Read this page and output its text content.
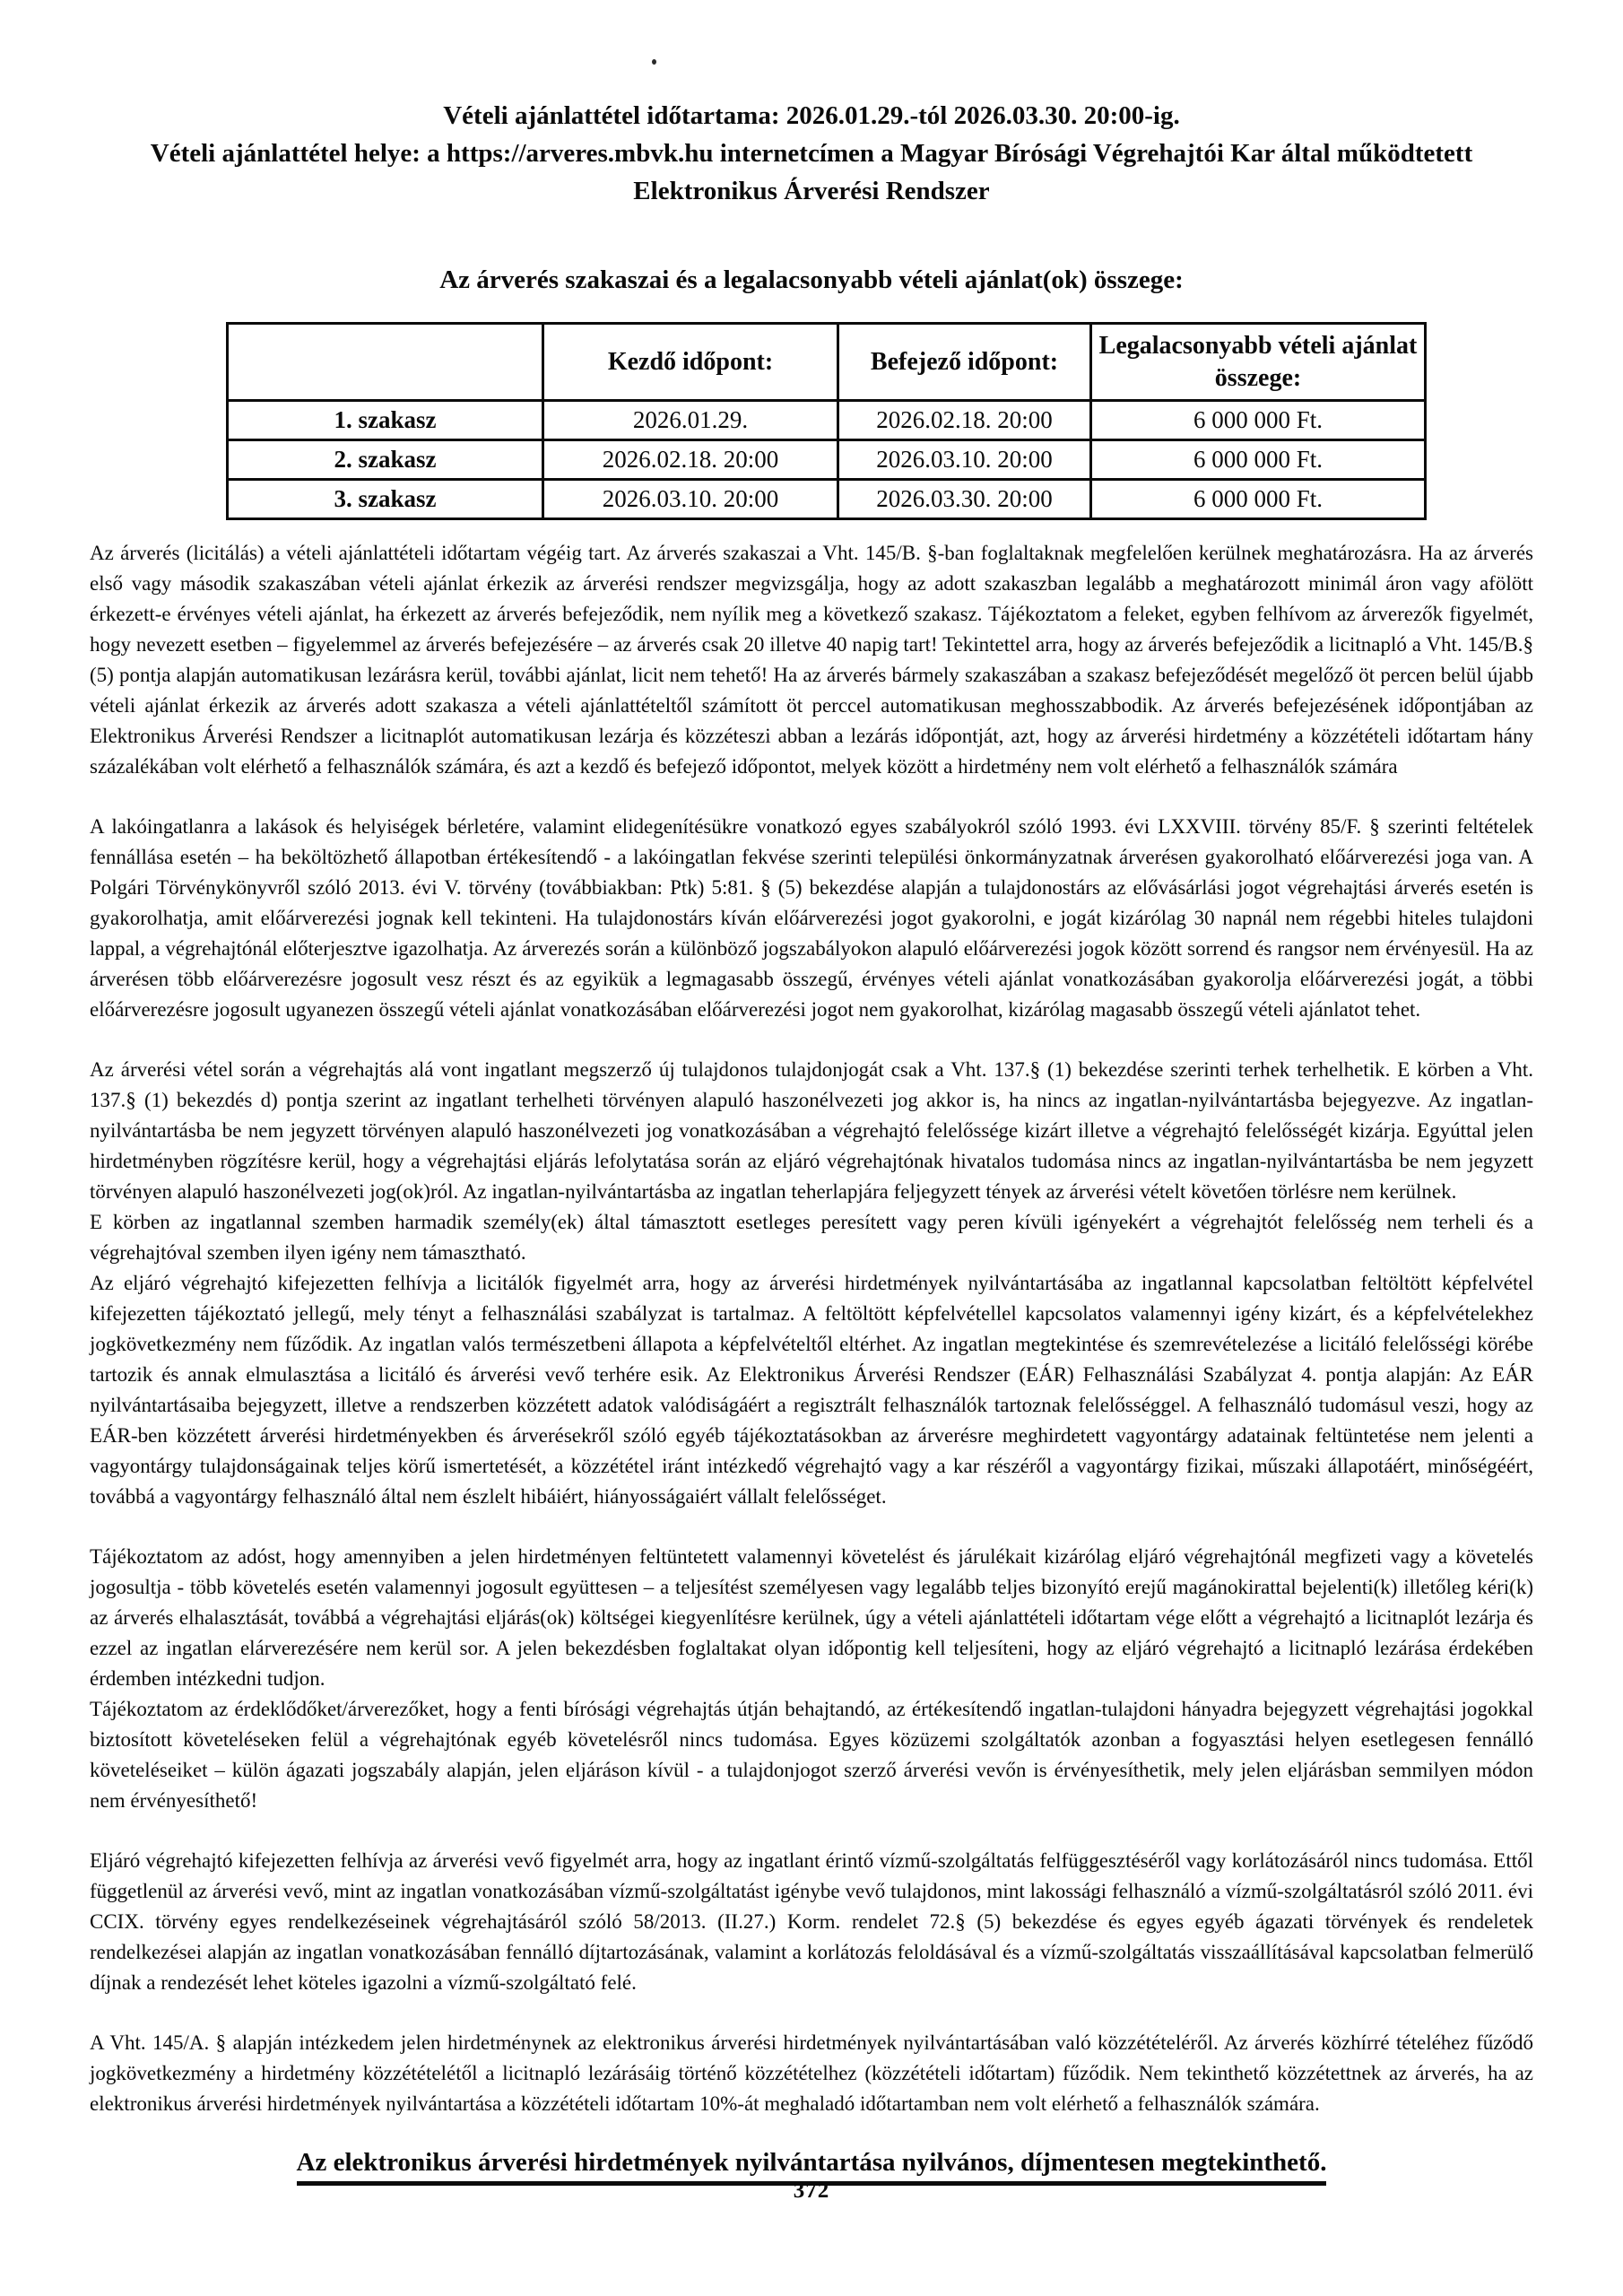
Vételi ajánlattétel időtartama: 2026.01.29.-tól 2026.03.30. 20:00-ig.
Vételi ajánlattétel helye: a https://arveres.mbvk.hu internetcímen a Magyar Bírósági Végrehajtói Kar által működtetett Elektronikus Árverési Rendszer
Az árverés szakaszai és a legalacsonyabb vételi ajánlat(ok) összege:
	Kezdő időpont:	Befejező időpont:	Legalacsonyabb vételi ajánlat összege:
1. szakasz	2026.01.29.	2026.02.18. 20:00	6 000 000 Ft.
2. szakasz	2026.02.18. 20:00	2026.03.10. 20:00	6 000 000 Ft.
3. szakasz	2026.03.10. 20:00	2026.03.30. 20:00	6 000 000 Ft.

Az árverés (licitálás) a vételi ajánlattételi időtartam végéig tart. Az árverés szakaszai a Vht. 145/B. §-ban foglaltaknak megfelelően kerülnek meghatározásra. Ha az árverés első vagy második szakaszában vételi ajánlat érkezik az árverési rendszer megvizsgálja, hogy az adott szakaszban legalább a meghatározott minimál áron vagy afölött érkezett-e érvényes vételi ajánlat, ha érkezett az árverés befejeződik, nem nyílik meg a következő szakasz. Tájékoztatom a feleket, egyben felhívom az árverezők figyelmét, hogy nevezett esetben – figyelemmel az árverés befejezésére – az árverés csak 20 illetve 40 napig tart! Tekintettel arra, hogy az árverés befejeződik a licitnapló a Vht. 145/B.§ (5) pontja alapján automatikusan lezárásra kerül, további ajánlat, licit nem tehető! Ha az árverés bármely szakaszában a szakasz befejeződését megelőző öt percen belül újabb vételi ajánlat érkezik az árverés adott szakasza a vételi ajánlattételtől számított öt perccel automatikusan meghosszabbodik. Az árverés befejezésének időpontjában az Elektronikus Árverési Rendszer a licitnaplót automatikusan lezárja és közzéteszi abban a lezárás időpontját, azt, hogy az árverési hirdetmény a közzétételi időtartam hány százalékában volt elérhető a felhasználók számára, és azt a kezdő és befejező időpontot, melyek között a hirdetmény nem volt elérhető a felhasználók számára

A lakóingatlanra a lakások és helyiségek bérletére, valamint elidegenítésükre vonatkozó egyes szabályokról szóló 1993. évi LXXVIII. törvény 85/F. § szerinti feltételek fennállása esetén – ha beköltözhető állapotban értékesítendő - a lakóingatlan fekvése szerinti települési önkormányzatnak árverésen gyakorolható előárverezési joga van. A Polgári Törvénykönyvről szóló 2013. évi V. törvény (továbbiakban: Ptk) 5:81. § (5) bekezdése alapján a tulajdonostárs az elővásárlási jogot végrehajtási árverés esetén is gyakorolhatja, amit előárverezési jognak kell tekinteni. Ha tulajdonostárs kíván előárverezési jogot gyakorolni, e jogát kizárólag 30 napnál nem régebbi hiteles tulajdoni lappal, a végrehajtónál előterjesztve igazolhatja. Az árverezés során a különböző jogszabályokon alapuló előárverezési jogok között sorrend és rangsor nem érvényesül. Ha az árverésen több előárverezésre jogosult vesz részt és az egyikük a legmagasabb összegű, érvényes vételi ajánlat vonatkozásában gyakorolja előárverezési jogát, a többi előárverezésre jogosult ugyanezen összegű vételi ajánlat vonatkozásában előárverezési jogot nem gyakorolhat, kizárólag magasabb összegű vételi ajánlatot tehet.

Az árverési vétel során a végrehajtás alá vont ingatlant megszerző új tulajdonos tulajdonjogát csak a Vht. 137.§ (1) bekezdése szerinti terhek terhelhetik. E körben a Vht. 137.§ (1) bekezdés d) pontja szerint az ingatlant terhelheti törvényen alapuló haszonélvezeti jog akkor is, ha nincs az ingatlan-nyilvántartásba bejegyezve. Az ingatlan-nyilvántartásba be nem jegyzett törvényen alapuló haszonélvezeti jog vonatkozásában a végrehajtó felelőssége kizárt illetve a végrehajtó felelősségét kizárja. Egyúttal jelen hirdetményben rögzítésre kerül, hogy a végrehajtási eljárás lefolytatása során az eljáró végrehajtónak hivatalos tudomása nincs az ingatlan-nyilvántartásba be nem jegyzett törvényen alapuló haszonélvezeti jog(ok)ról. Az ingatlan-nyilvántartásba az ingatlan teherlapjára feljegyzett tények az árverési vételt követően törlésre nem kerülnek.

E körben az ingatlannal szemben harmadik személy(ek) által támasztott esetleges peresített vagy peren kívüli igényekért a végrehajtót felelősség nem terheli és a végrehajtóval szemben ilyen igény nem támasztható.

Az eljáró végrehajtó kifejezetten felhívja a licitálók figyelmét arra, hogy az árverési hirdetmények nyilvántartásába az ingatlannal kapcsolatban feltöltött képfelvétel kifejezetten tájékoztató jellegű, mely tényt a felhasználási szabályzat is tartalmaz. A feltöltött képfelvétellel kapcsolatos valamennyi igény kizárt, és a képfelvételekhez jogkövetkezmény nem fűződik. Az ingatlan valós természetbeni állapota a képfelvételtől eltérhet. Az ingatlan megtekintése és szemrevételezése a licitáló felelősségi körébe tartozik és annak elmulasztása a licitáló és árverési vevő terhére esik. Az Elektronikus Árverési Rendszer (EÁR) Felhasználási Szabályzat 4. pontja alapján: Az EÁR nyilvántartásaiba bejegyzett, illetve a rendszerben közzétett adatok valódiságáért a regisztrált felhasználók tartoznak felelősséggel. A felhasználó tudomásul veszi, hogy az EÁR-ben közzétett árverési hirdetményekben és árverésekről szóló egyéb tájékoztatásokban az árverésre meghirdetett vagyontárgy adatainak feltüntetése nem jelenti a vagyontárgy tulajdonságainak teljes körű ismertetését, a közzététel iránt intézkedő végrehajtó vagy a kar részéről a vagyontárgy fizikai, műszaki állapotáért, minőségéért, továbbá a vagyontárgy felhasználó által nem észlelt hibáiért, hiányosságaiért vállalt felelősséget.

Tájékoztatom az adóst, hogy amennyiben a jelen hirdetményen feltüntetett valamennyi követelést és járulékait kizárólag eljáró végrehajtónál megfizeti vagy a követelés jogosultja - több követelés esetén valamennyi jogosult együttesen – a teljesítést személyesen vagy legalább teljes bizonyító erejű magánokirattal bejelenti(k) illetőleg kéri(k) az árverés elhalasztását, továbbá a végrehajtási eljárás(ok) költségei kiegyenlítésre kerülnek, úgy a vételi ajánlattételi időtartam vége előtt a végrehajtó a licitnaplót lezárja és ezzel az ingatlan elárverezésére nem kerül sor. A jelen bekezdésben foglaltakat olyan időpontig kell teljesíteni, hogy az eljáró végrehajtó a licitnapló lezárása érdekében érdemben intézkedni tudjon.

Tájékoztatom az érdeklődőket/árverezőket, hogy a fenti bírósági végrehajtás útján behajtandó, az értékesítendő ingatlan-tulajdoni hányadra bejegyzett végrehajtási jogokkal biztosított követeléseken felül a végrehajtónak egyéb követelésről nincs tudomása. Egyes közüzemi szolgáltatók azonban a fogyasztási helyen esetlegesen fennálló követeléseiket – külön ágazati jogszabály alapján, jelen eljáráson kívül - a tulajdonjogot szerző árverési vevőn is érvényesíthetik, mely jelen eljárásban semmilyen módon nem érvényesíthető!

Eljáró végrehajtó kifejezetten felhívja az árverési vevő figyelmét arra, hogy az ingatlant érintő vízmű-szolgáltatás felfüggesztéséről vagy korlátozásáról nincs tudomása. Ettől függetlenül az árverési vevő, mint az ingatlan vonatkozásában vízmű-szolgáltatást igénybe vevő tulajdonos, mint lakossági felhasználó a vízmű-szolgáltatásról szóló 2011. évi CCIX. törvény egyes rendelkezéseinek végrehajtásáról szóló 58/2013. (II.27.) Korm. rendelet 72.§ (5) bekezdése és egyes egyéb ágazati törvények és rendeletek rendelkezései alapján az ingatlan vonatkozásában fennálló díjtartozásának, valamint a korlátozás feloldásával és a vízmű-szolgáltatás visszaállításával kapcsolatban felmerülő díjnak a rendezését lehet köteles igazolni a vízmű-szolgáltató felé.

A Vht. 145/A. § alapján intézkedem jelen hirdetménynek az elektronikus árverési hirdetmények nyilvántartásában való közzétételéről. Az árverés közhírré tételéhez fűződő jogkövetkezmény a hirdetmény közzétételétől a licitnapló lezárásáig történő közzétételhez (közzétételi időtartam) fűződik. Nem tekinthető közzétettnek az árverés, ha az elektronikus árverési hirdetmények nyilvántartása a közzétételi időtartam 10%-át meghaladó időtartamban nem volt elérhető a felhasználók számára.

Az elektronikus árverési hirdetmények nyilvántartása nyilvános, díjmentesen megtekinthető.
372
